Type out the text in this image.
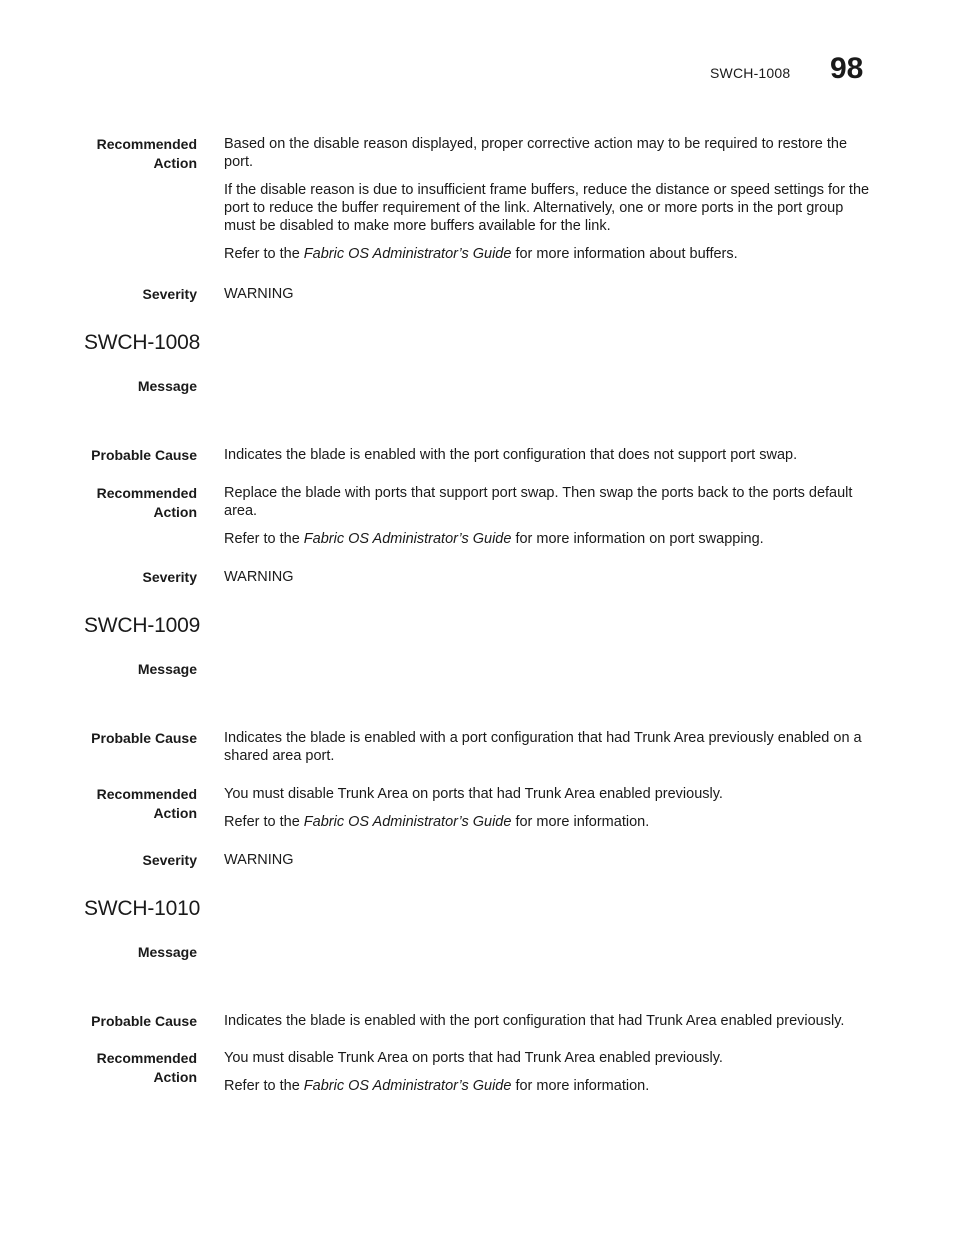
SWCH-1008 98
Recommended
Action

Based on the disable reason displayed, proper corrective action may to be required to restore the port.

If the disable reason is due to insufficient frame buffers, reduce the distance or speed settings for the port to reduce the buffer requirement of the link. Alternatively, one or more ports in the port group must be disabled to make more buffers available for the link.

Refer to the Fabric OS Administrator’s Guide for more information about buffers.

Severity WARNING
SWCH-1008
Message
Probable Cause Indicates the blade is enabled with the port configuration that does not support port swap.
Recommended
Action

Replace the blade with ports that support port swap. Then swap the ports back to the ports default area.

Refer to the Fabric OS Administrator’s Guide for more information on port swapping.

Severity WARNING
SWCH-1009
Message
Probable Cause Indicates the blade is enabled with a port configuration that had Trunk Area previously enabled on a shared area port.
Recommended
Action

You must disable Trunk Area on ports that had Trunk Area enabled previously.

Refer to the Fabric OS Administrator’s Guide for more information.

Severity WARNING
SWCH-1010
Message
Probable Cause Indicates the blade is enabled with the port configuration that had Trunk Area enabled previously.
Recommended
Action

You must disable Trunk Area on ports that had Trunk Area enabled previously.

Refer to the Fabric OS Administrator’s Guide for more information.
